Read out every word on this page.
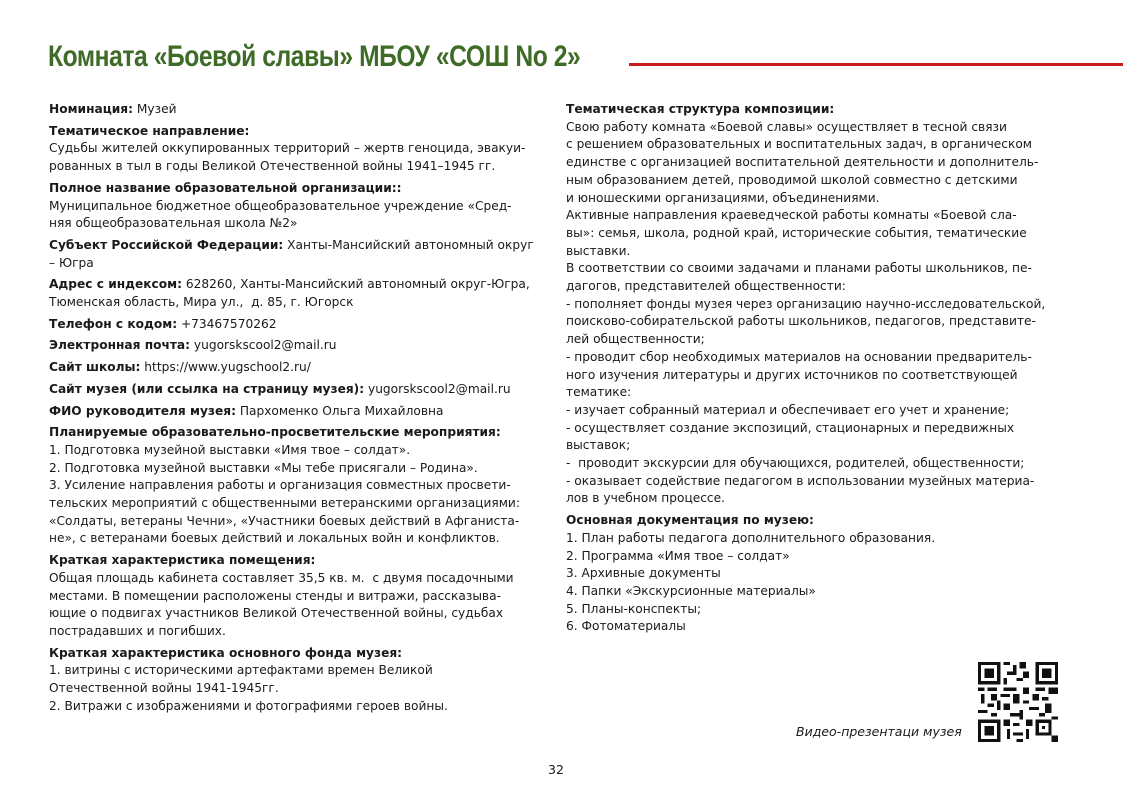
Комната «Боевой славы» МБОУ «СОШ No 2»
Номинация: Музей
Тематическое направление:
Судьбы жителей оккупированных территорий – жертв геноцида, эвакуи-
рованных в тыл в годы Великой Отечественной войны 1941–1945 гг.
Полное название образовательной организации::
Муниципальное бюджетное общеобразовательное учреждение «Сред-
няя общеобразовательная школа №2»
Субъект Российской Федерации: Ханты-Мансийский автономный округ
– Югра
Адрес с индексом: 628260, Ханты-Мансийский автономный округ-Югра,
Тюменская область, Мира ул.,  д. 85, г. Югорск
Телефон с кодом: +73467570262
Электронная почта: yugorskscool2@mail.ru
Сайт школы: https://www.yugschool2.ru/
Сайт музея (или ссылка на страницу музея): yugorskscool2@mail.ru
ФИО руководителя музея: Пархоменко Ольга Михайловна
Планируемые образовательно-просветительские мероприятия:
1. Подготовка музейной выставки «Имя твое – солдат».
2. Подготовка музейной выставки «Мы тебе присягали – Родина».
3. Усиление направления работы и организация совместных просвети-
тельских мероприятий с общественными ветеранскими организациями:
«Солдаты, ветераны Чечни», «Участники боевых действий в Афганиста-
не», с ветеранами боевых действий и локальных войн и конфликтов.
Краткая характеристика помещения:
Общая площадь кабинета составляет 35,5 кв. м.  с двумя посадочными
местами. В помещении расположены стенды и витражи, рассказыва-
ющие о подвигах участников Великой Отечественной войны, судьбах
пострадавших и погибших.
Краткая характеристика основного фонда музея:
1. витрины с историческими артефактами времен Великой
Отечественной войны 1941-1945гг.
2. Витражи с изображениями и фотографиями героев войны.
Тематическая структура композиции:
Свою работу комната «Боевой славы» осуществляет в тесной связи
с решением образовательных и воспитательных задач, в органическом
единстве с организацией воспитательной деятельности и дополнитель-
ным образованием детей, проводимой школой совместно с детскими
и юношескими организациями, объединениями.
Активные направления краеведческой работы комнаты «Боевой сла-
вы»: семья, школа, родной край, исторические события, тематические
выставки.
В соответствии со своими задачами и планами работы школьников, пе-
дагогов, представителей общественности:
- пополняет фонды музея через организацию научно-исследовательской,
поисково-собирательской работы школьников, педагогов, представите-
лей общественности;
- проводит сбор необходимых материалов на основании предваритель-
ного изучения литературы и других источников по соответствующей
тематике:
- изучает собранный материал и обеспечивает его учет и хранение;
- осуществляет создание экспозиций, стационарных и передвижных
выставок;
-  проводит экскурсии для обучающихся, родителей, общественности;
- оказывает содействие педагогом в использовании музейных материа-
лов в учебном процессе.
Основная документация по музею:
1. План работы педагога дополнительного образования.
2. Программа «Имя твое – солдат»
3. Архивные документы
4. Папки «Экскурсионные материалы»
5. Планы-конспекты;
6. Фотоматериалы
Видео-презентаци музея
32
